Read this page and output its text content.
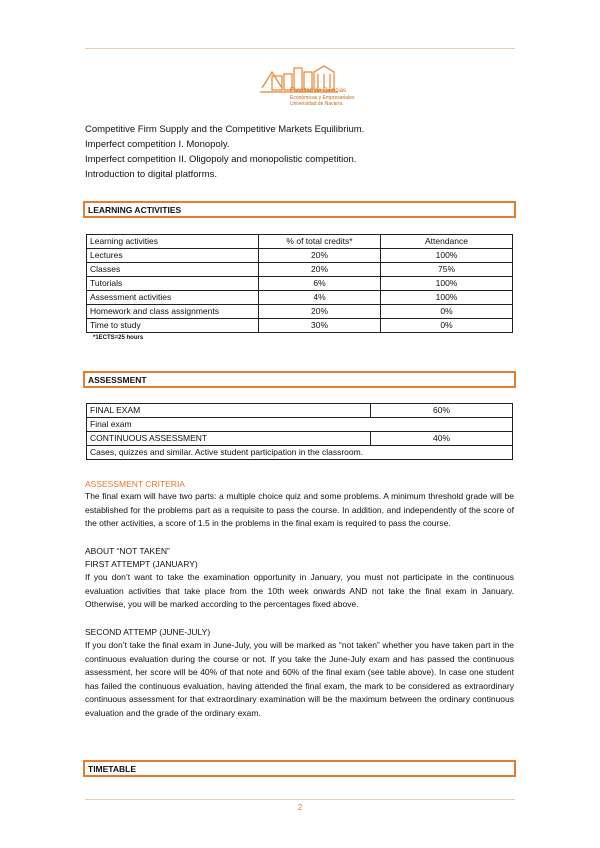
Facultad de Ciencias
Económicas y Empresariales
Universidad de Navarra
Competitive Firm Supply and the Competitive Markets Equilibrium.
Imperfect competition I. Monopoly.
Imperfect competition II. Oligopoly and monopolistic competition.
Introduction to digital platforms.
LEARNING ACTIVITIES
Learning activities	% of total credits*	Attendance
Lectures	20%	100%
Classes	20%	75%
Tutorials	6%	100%
Assessment activities	4%	100%
Homework and class assignments	20%	0%
Time to study	30%	0%
*1ECTS=25 hours
ASSESSMENT
FINAL EXAM	60%
Final exam	
CONTINUOUS ASSESSMENT	40%
Cases, quizzes and similar. Active student participation in the classroom.	
ASSESSMENT CRITERIA
The final exam will have two parts: a multiple choice quiz and some problems. A minimum threshold grade will be established for the problems part as a requisite to pass the course. In addition, and independently of the score of the other activities, a score of 1.5 in the problems in the final exam is required to pass the course.
ABOUT “NOT TAKEN”
FIRST ATTEMPT (JANUARY)
If you don’t want to take the examination opportunity in January, you must not participate in the continuous evaluation activities that take place from the 10th week onwards AND not take the final exam in January. Otherwise, you will be marked according to the percentages fixed above.
SECOND ATTEMP (JUNE-JULY)
If you don’t take the final exam in June-July, you will be marked as “not taken” whether you have taken part in the continuous evaluation during the course or not. If you take the June-July exam and has passed the continuous assessment, her score will be 40% of that note and 60% of the final exam (see table above). In case one student has failed the continuous evaluation, having attended the final exam, the mark to be considered as extraordinary continuous assessment for that extraordinary examination will be the maximum between the ordinary continuous evaluation and the grade of the ordinary exam.
TIMETABLE
2
